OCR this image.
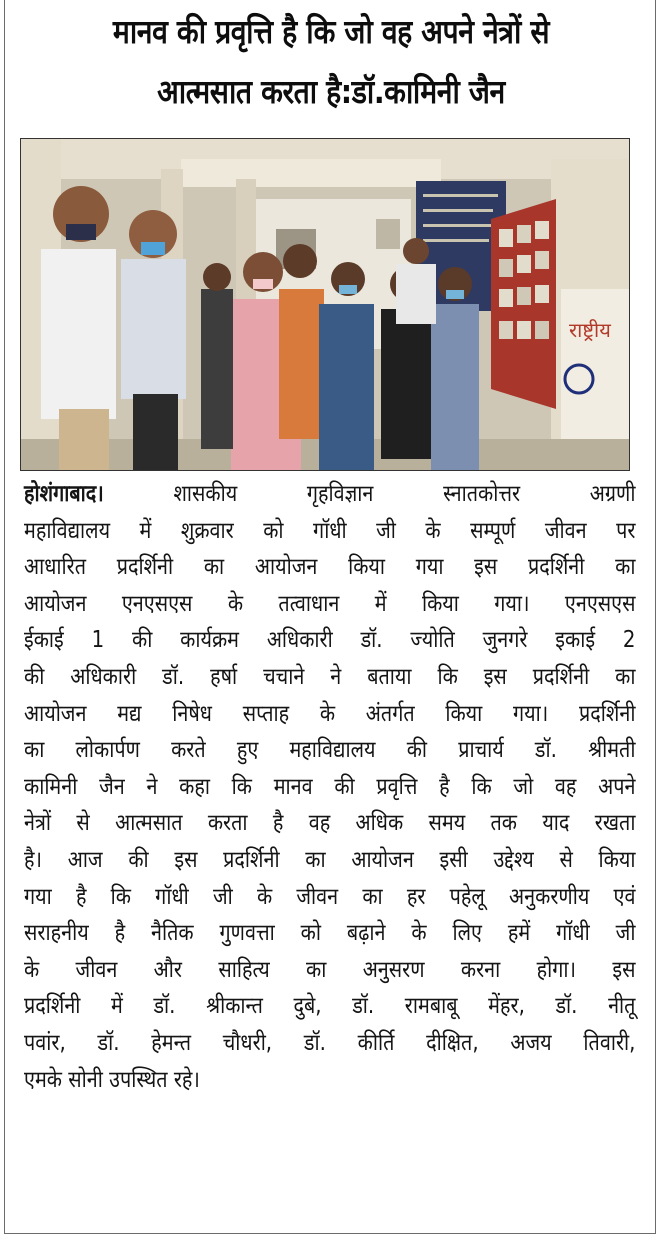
मानव की प्रवृत्ति है कि जो वह अपने नेत्रों से
आत्मसात करता है:डॉ.कामिनी जैन
राष्ट्रीय
होशंगाबाद। शासकीय गृहविज्ञान स्नातकोत्तर अग्रणी
महाविद्यालय में शुक्रवार को गॉधी जी के सम्पूर्ण जीवन पर
आधारित प्रदर्शिनी का आयोजन किया गया इस प्रदर्शिनी का
आयोजन एनएसएस के तत्वाधान में किया गया। एनएसएस
ईकाई 1 की कार्यक्रम अधिकारी डॉ. ज्योति जुनगरे इकाई 2
की अधिकारी डॉ. हर्षा चचाने ने बताया कि इस प्रदर्शिनी का
आयोजन मद्य निषेध सप्ताह के अंतर्गत किया गया। प्रदर्शिनी
का लोकार्पण करते हुए महाविद्यालय की प्राचार्य डॉ. श्रीमती
कामिनी जैन ने कहा कि मानव की प्रवृत्ति है कि जो वह अपने
नेत्रों से आत्मसात करता है वह अधिक समय तक याद रखता
है। आज की इस प्रदर्शिनी का आयोजन इसी उद्देश्य से किया
गया है कि गॉधी जी के जीवन का हर पहेलू अनुकरणीय एवं
सराहनीय है नैतिक गुणवत्ता को बढ़ाने के लिए हमें गॉधी जी
के जीवन और साहित्य का अनुसरण करना होगा। इस
प्रदर्शिनी में डॉ. श्रीकान्त दुबे, डॉ. रामबाबू मेंहर, डॉ. नीतू
पवांर, डॉ. हेमन्त चौधरी, डॉ. कीर्ति दीक्षित, अजय तिवारी,
एमके सोनी उपस्थित रहे।
